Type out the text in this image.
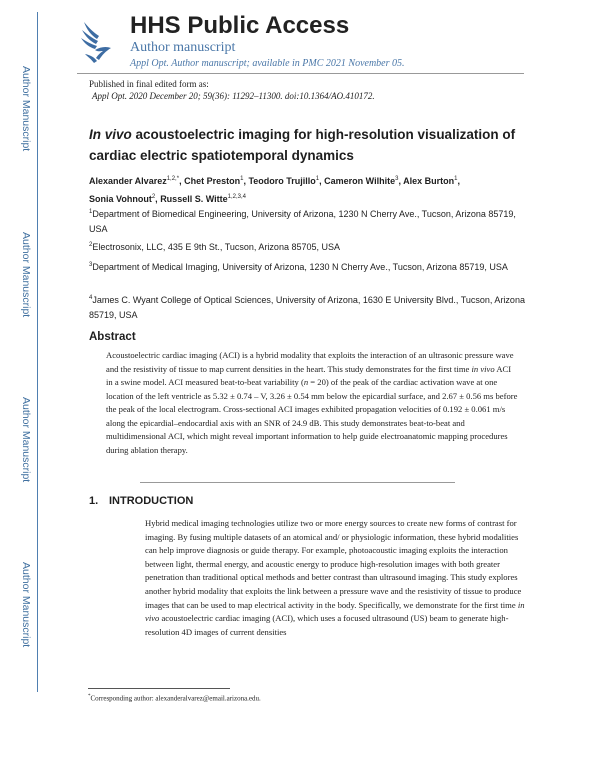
Author Manuscript
Author Manuscript
Author Manuscript
Author Manuscript
HHS Public Access
Author manuscript
Appl Opt. Author manuscript; available in PMC 2021 November 05.
Published in final edited form as:
Appl Opt. 2020 December 20; 59(36): 11292–11300. doi:10.1364/AO.410172.
In vivo acoustoelectric imaging for high-resolution visualization of cardiac electric spatiotemporal dynamics
Alexander Alvarez$^{1,2,*}$, Chet Preston$^1$, Teodoro Trujillo$^1$, Cameron Wilhite$^3$, Alex Burton$^1$,
Sonia Vohnout$^2$, Russell S. Witte$^{1,2,3,4}$
$^1$Department of Biomedical Engineering, University of Arizona, 1230 N Cherry Ave., Tucson, Arizona 85719, USA
$^2$Electrosonix, LLC, 435 E 9th St., Tucson, Arizona 85705, USA
$^3$Department of Medical Imaging, University of Arizona, 1230 N Cherry Ave., Tucson, Arizona 85719, USA
$^4$James C. Wyant College of Optical Sciences, University of Arizona, 1630 E University Blvd., Tucson, Arizona 85719, USA
Abstract
Acoustoelectric cardiac imaging (ACI) is a hybrid modality that exploits the interaction of an ultrasonic pressure wave and the resistivity of tissue to map current densities in the heart. This study demonstrates for the first time in vivo ACI in a swine model. ACI measured beat-to-beat variability (n = 20) of the peak of the cardiac activation wave at one location of the left ventricle as 5.32 ± 0.74 – V, 3.26 ± 0.54 mm below the epicardial surface, and 2.67 ± 0.56 ms before the peak of the local electrogram. Cross-sectional ACI images exhibited propagation velocities of 0.192 ± 0.061 m/s along the epicardial–endocardial axis with an SNR of 24.9 dB. This study demonstrates beat-to-beat and multidimensional ACI, which might reveal important information to help guide electroanatomic mapping procedures during ablation therapy.
1. INTRODUCTION
Hybrid medical imaging technologies utilize two or more energy sources to create new forms of contrast for imaging. By fusing multiple datasets of an atomical and/ or physiologic information, these hybrid modalities can help improve diagnosis or guide therapy. For example, photoacoustic imaging exploits the interaction between light, thermal energy, and acoustic energy to produce high-resolution images with both greater penetration than traditional optical methods and better contrast than ultrasound imaging. This study explores another hybrid modality that exploits the link between a pressure wave and the resistivity of tissue to produce images that can be used to map electrical activity in the body. Specifically, we demonstrate for the first time in vivo acoustoelectric cardiac imaging (ACI), which uses a focused ultrasound (US) beam to generate high-resolution 4D images of current densities
*Corresponding author: alexanderalvarez@email.arizona.edu.
